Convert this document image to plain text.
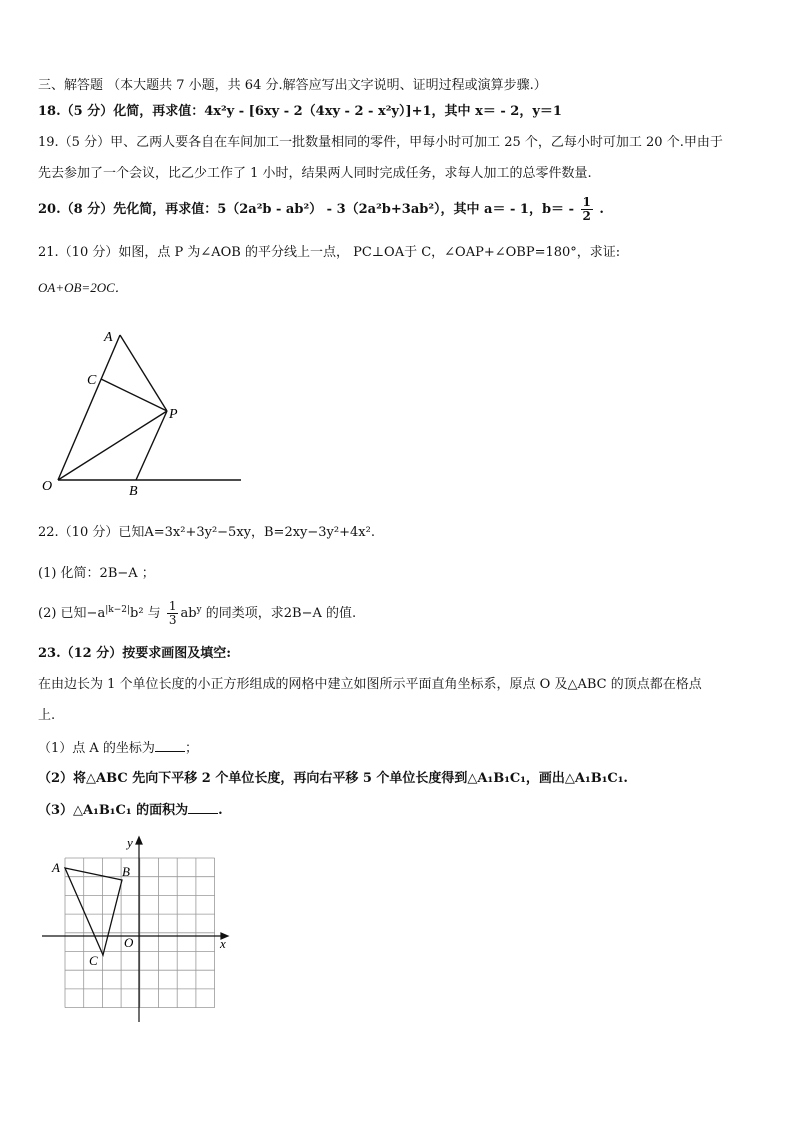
三、解答题 （本大题共 7 小题，共 64 分.解答应写出文字说明、证明过程或演算步骤.）
18.（5 分）化简，再求值：4x²y - [6xy - 2（4xy - 2 - x²y）]+1，其中 x＝ - 2，y＝1
19.（5 分）甲、乙两人要各自在车间加工一批数量相同的零件，甲每小时可加工 25 个，乙每小时可加工 20 个.甲由于
先去参加了一个会议，比乙少工作了 1 小时，结果两人同时完成任务，求每人加工的总零件数量.
20.（8 分）先化简，再求值：5（2a²b - ab²） - 3（2a²b+3ab²），其中 a＝ - 1，$b= - \frac{1}{2}$ .
21.（10 分）如图，点 P 为∠AOB 的平分线上一点， PC⊥OA于 C，∠OAP+∠OBP=180°，求证:
OA+OB=2OC．
A
C
P
O	B
22.（10 分）已知A=3x²+3y²−5xy，B=2xy−3y²+4x².
(1) 化简：2B−A ；
(2) 已知$-a^{|k-2|}b^2$ 与 $\frac{1}{3} ab^y$ 的同类项，求2B−A 的值.
23.（12 分）按要求画图及填空:
在由边长为 1 个单位长度的小正方形组成的网格中建立如图所示平面直角坐标系，原点 O 及△ABC 的顶点都在格点
上.
（1）点 A 的坐标为 ；
（2）将△ABC 先向下平移 2 个单位长度，再向右平移 5 个单位长度得到△A₁B₁C₁，画出△A₁B₁C₁.
（3）△A₁B₁C₁ 的面积为 .
y
x
O
A	B
C
